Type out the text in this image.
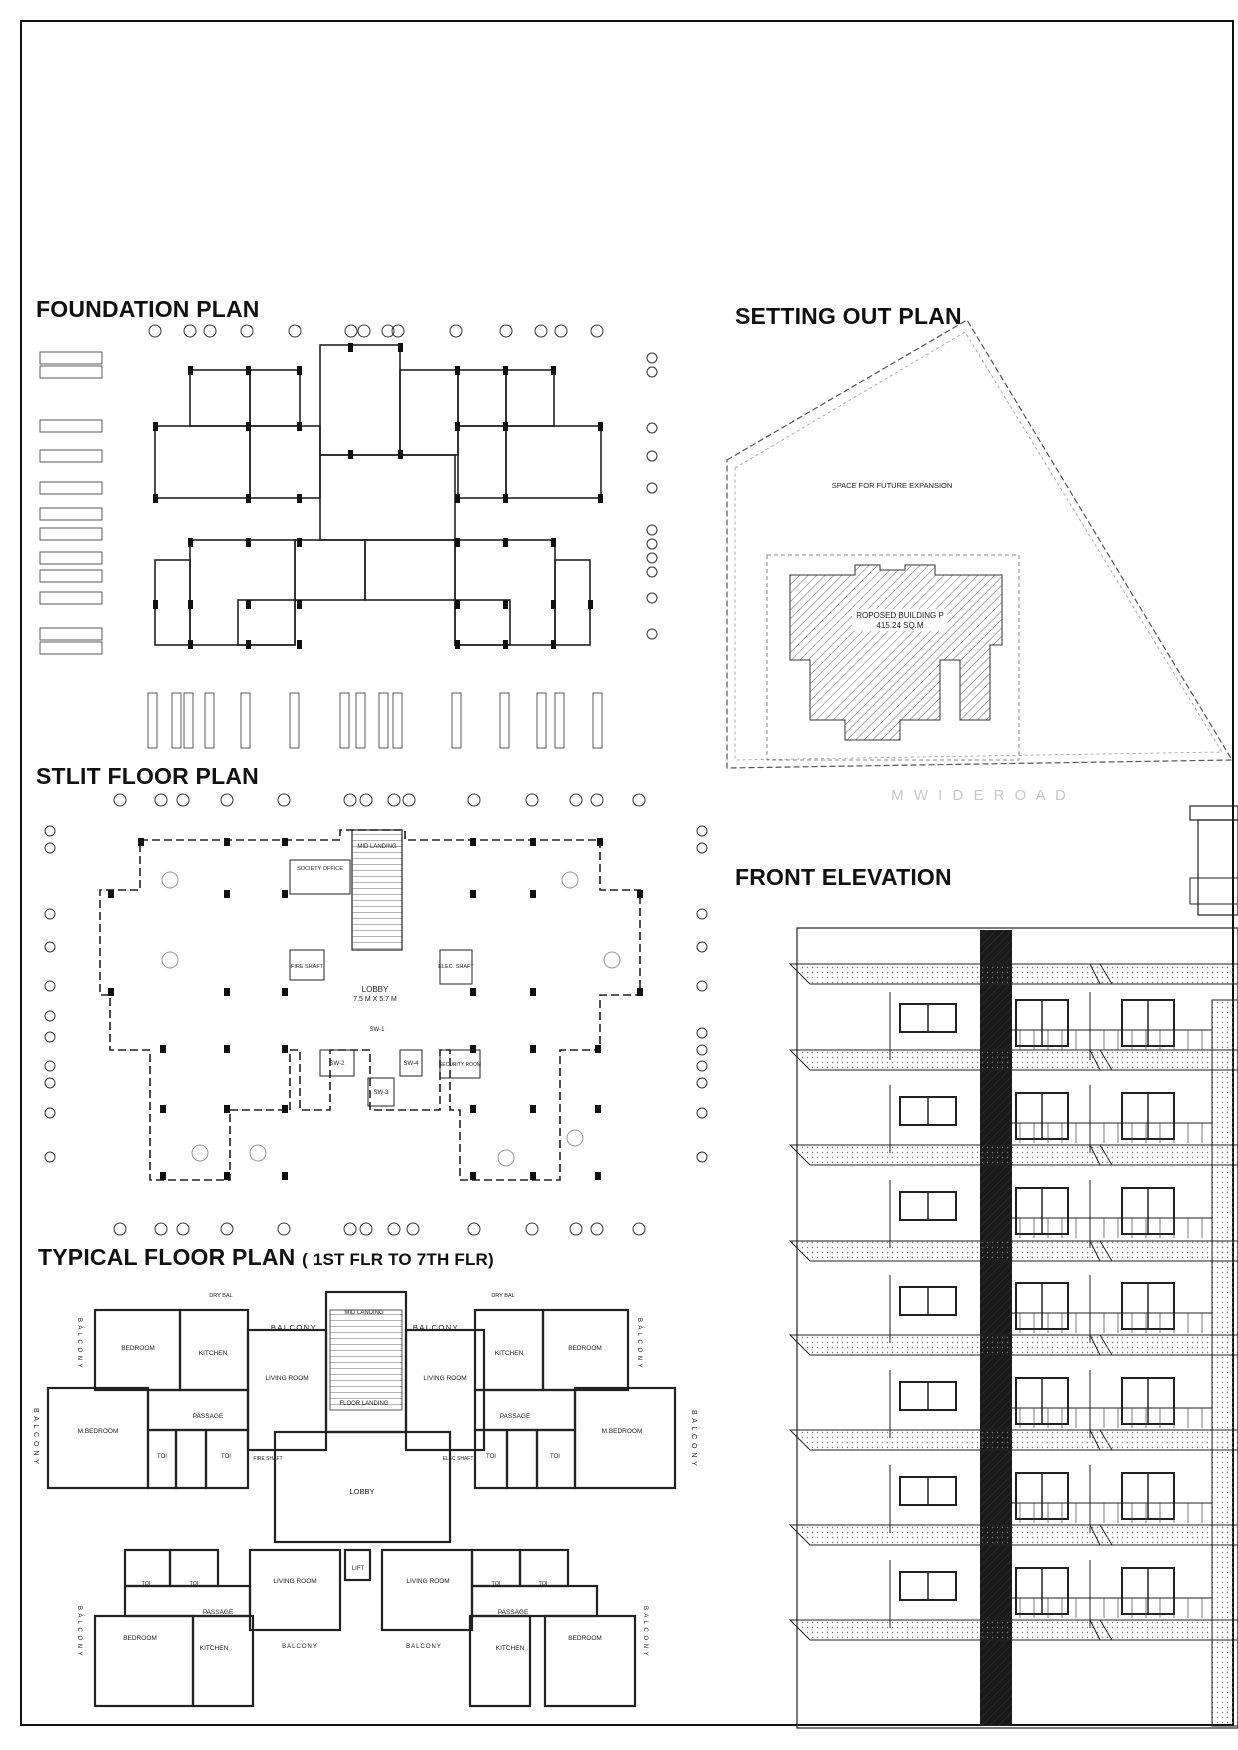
FOUNDATION PLAN	SETTING OUT PLAN
STLIT FLOOR PLAN
FRONT ELEVATION
TYPICAL FLOOR PLAN ( 1ST FLR TO 7TH FLR)
SPACE FOR FUTURE EXPANSION
ROPOSED BUILDING P
415.24 SQ.M
M W I D E R O A D
MID LANDING
SOCIETY OFFICE
FIRE SHAFT	ELEC. SHAFT
LOBBY
7.5 M X 5.7 M
SW-1
SW-2
SW-3
SW-4	SECURITY ROOM
BEDROOM
KITCHEN
LIVING ROOM
MID LANDING
FLOOR LANDING
LIVING ROOM
KITCHEN
BEDROOM
M.BEDROOM	M.BEDROOM
PASSAGE	PASSAGE
TOI	TOI	TOI	TOI
FIRE SHAFT	ELEC SHAFT
LOBBY
LIFT
BALCONY	BALCONY
DRY BAL	DRY BAL
TOI	TOI	TOI	TOI
LIVING ROOM	LIVING ROOM
PASSAGE	PASSAGE
BEDROOM
KITCHEN	KITCHEN
BEDROOM
BALCONY	BALCONY
B A L C O N Y	B A L C O N Y
B A L C O N Y	B A L C O N Y
B A L C O N Y	B A L C O N Y
